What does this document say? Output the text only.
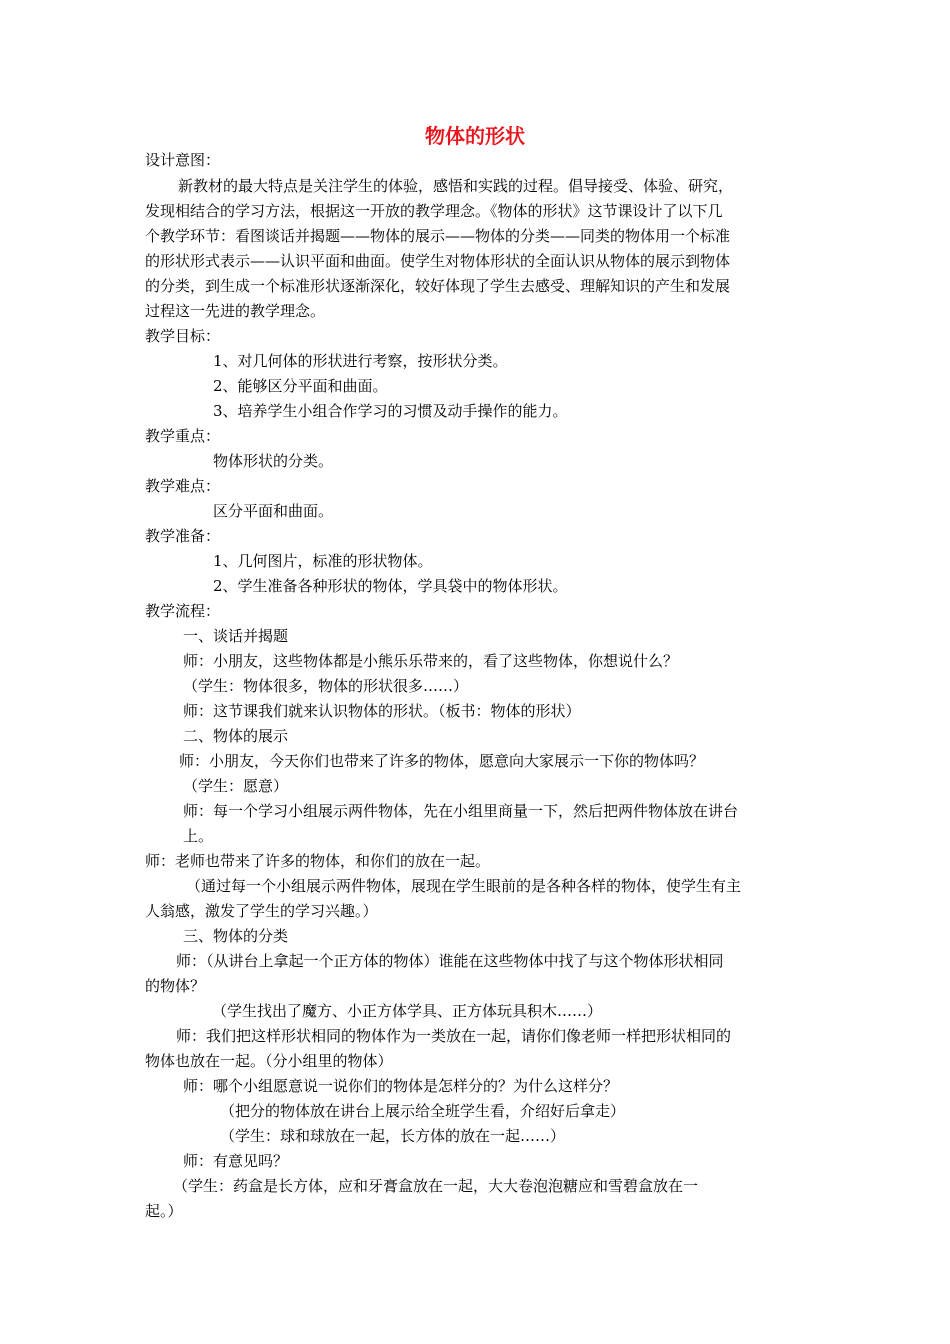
物体的形状
设计意图：
新教材的最大特点是关注学生的体验，感悟和实践的过程。倡导接受、体验、研究，
发现相结合的学习方法，根据这一开放的教学理念。《物体的形状》这节课设计了以下几
个教学环节：看图谈话并揭题——物体的展示——物体的分类——同类的物体用一个标准
的形状形式表示——认识平面和曲面。使学生对物体形状的全面认识从物体的展示到物体
的分类，到生成一个标准形状逐渐深化，较好体现了学生去感受、理解知识的产生和发展
过程这一先进的教学理念。
教学目标：
1、对几何体的形状进行考察，按形状分类。
2、能够区分平面和曲面。
3、培养学生小组合作学习的习惯及动手操作的能力。
教学重点：
物体形状的分类。
教学难点：
区分平面和曲面。
教学准备：
1、几何图片，标准的形状物体。
2、学生准备各种形状的物体，学具袋中的物体形状。
教学流程：
一、谈话并揭题
师：小朋友，这些物体都是小熊乐乐带来的，看了这些物体，你想说什么？
（学生：物体很多，物体的形状很多……）
师：这节课我们就来认识物体的形状。（板书：物体的形状）
二、物体的展示
师：小朋友，今天你们也带来了许多的物体，愿意向大家展示一下你的物体吗？
（学生：愿意）
师：每一个学习小组展示两件物体，先在小组里商量一下，然后把两件物体放在讲台
上。
师：老师也带来了许多的物体，和你们的放在一起。
（通过每一个小组展示两件物体，展现在学生眼前的是各种各样的物体，使学生有主
人翁感，激发了学生的学习兴趣。）
三、物体的分类
师：（从讲台上拿起一个正方体的物体）谁能在这些物体中找了与这个物体形状相同
的物体？
（学生找出了魔方、小正方体学具、正方体玩具积木……）
师：我们把这样形状相同的物体作为一类放在一起，请你们像老师一样把形状相同的
物体也放在一起。（分小组里的物体）
师：哪个小组愿意说一说你们的物体是怎样分的？为什么这样分？
（把分的物体放在讲台上展示给全班学生看，介绍好后拿走）
（学生：球和球放在一起，长方体的放在一起……）
师：有意见吗？
（学生：药盒是长方体，应和牙膏盒放在一起，大大卷泡泡糖应和雪碧盒放在一
起。）
